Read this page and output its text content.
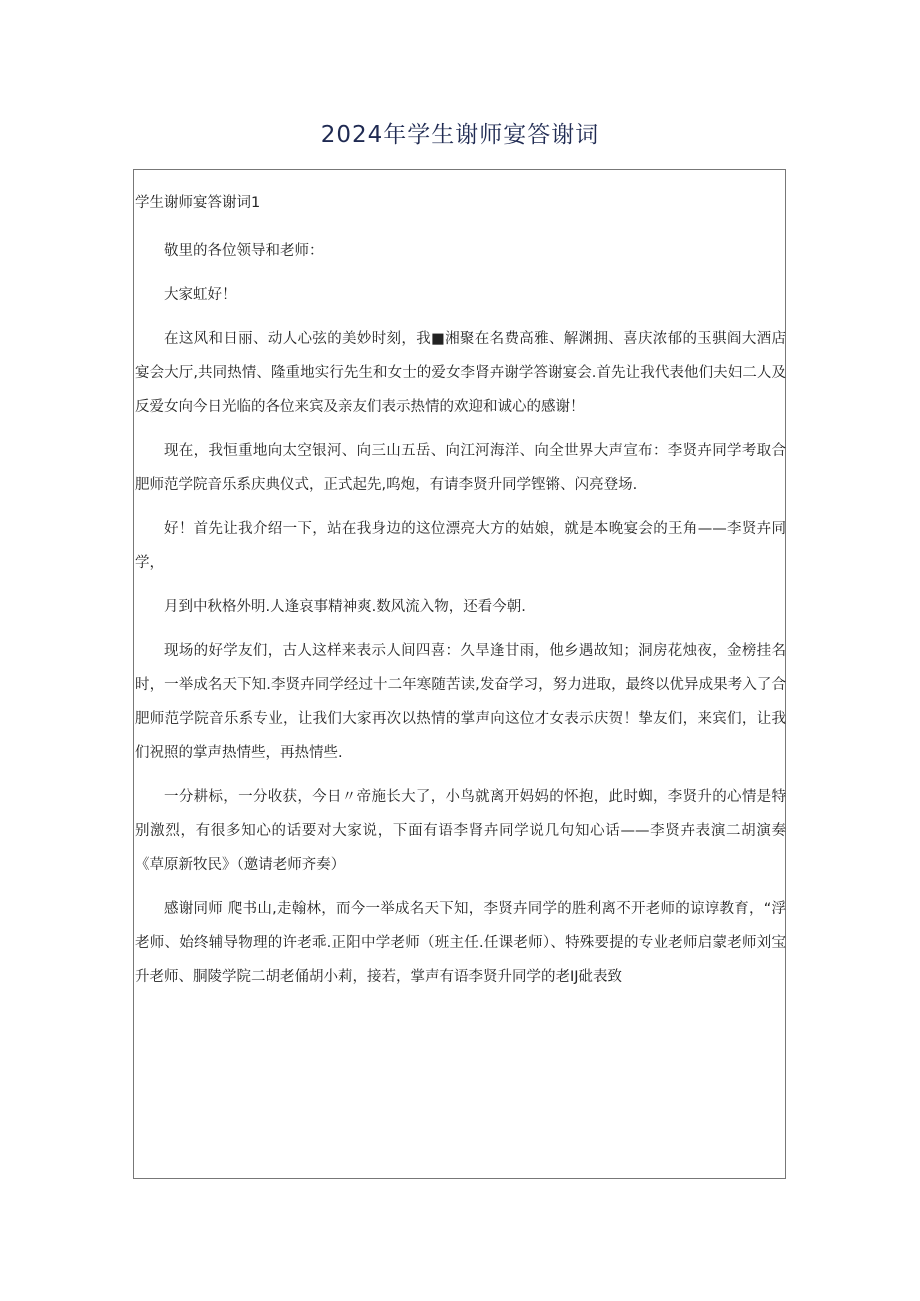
2024年学生谢师宴答谢词
学生谢师宴答谢词1

敬里的各位领导和老师：

大家虹好！

在这风和日丽、动人心弦的美妙时刻，我■湘聚在名费高雅、解渊拥、喜庆浓郁的玉骐阎大酒店宴会大厅,共同热情、隆重地实行先生和女士的爱女李肾卉谢学答谢宴会.首先让我代表他们夫妇二人及反爱女向今日光临的各位来宾及亲友们表示热情的欢迎和诚心的感谢！

现在，我恒重地向太空银河、向三山五岳、向江河海洋、向全世界大声宣布：李贤卉同学考取合肥师范学院音乐系庆典仪式，正式起先,呜炮，有请李贤升同学铿锵、闪亮登场.

好！首先让我介绍一下，站在我身边的这位漂亮大方的姑娘，就是本晚宴会的王角——李贤卉同学，

月到中秋格外明.人逢哀事精神爽.数风流入物，还看今朝.

现场的好学友们，古人这样来表示人间四喜：久旱逢甘雨，他乡遇故知；洞房花烛夜，金榜挂名时，一举成名天下知.李贤卉同学经过十二年寒随苦读,发奋学习，努力进取，最终以优异成果考入了合肥师范学院音乐系专业，让我们大家再次以热情的掌声向这位才女表示庆贺！挚友们，来宾们，让我们祝照的掌声热情些，再热情些.

一分耕标，一分收获，今日〃帝施长大了，小鸟就离开妈妈的怀抱，此时蜘，李贤升的心情是特别激烈，有很多知心的话要对大家说，下面有语李肾卉同学说几句知心话——李贤卉表演二胡演奏《草原新牧民》（邀请老师齐奏）

感谢同师 爬书山,走翰林，而今一举成名天下知，李贤卉同学的胜利离不开老师的谅谆教育，“浮老师、始终辅导物理的许老乖.正阳中学老师（班主任.任课老师）、特殊要提的专业老师启蒙老师刘宝升老师、胴陵学院二胡老俑胡小莉，接若，掌声有语李贤升同学的老IJ砒表致
